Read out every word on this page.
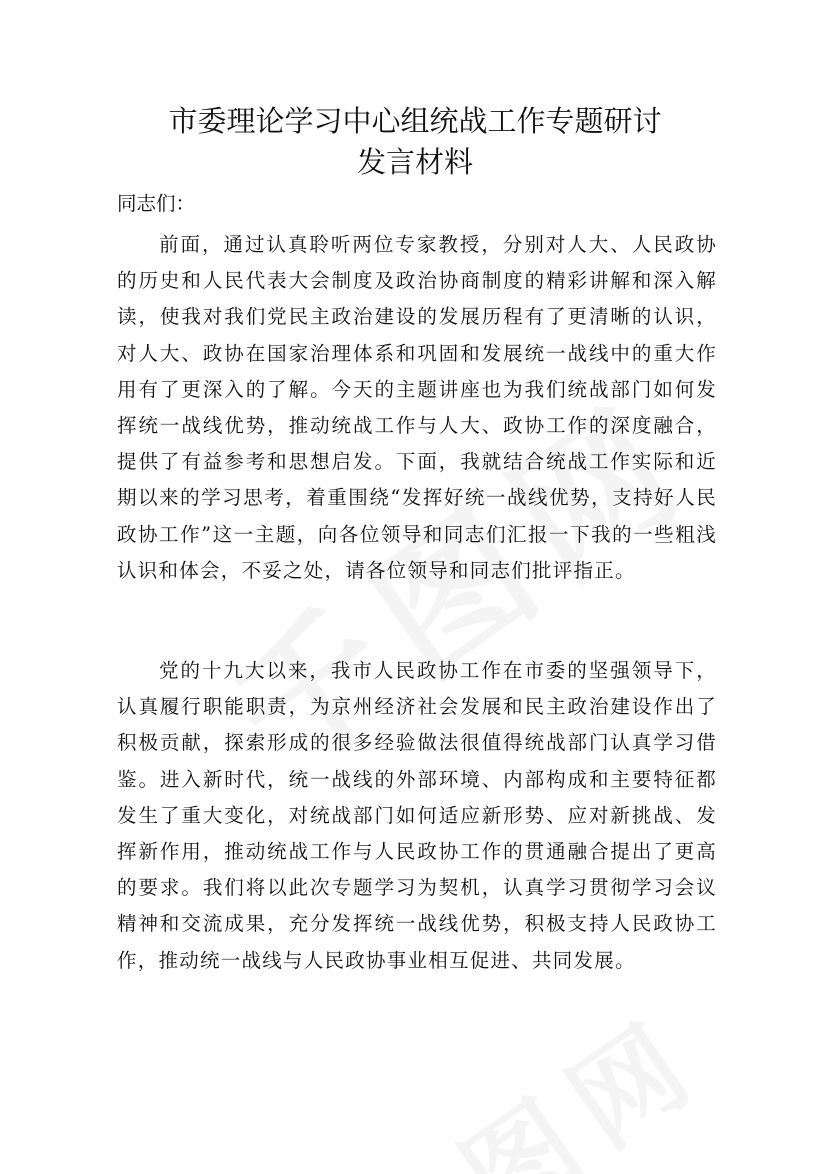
市委理论学习中心组统战工作专题研讨
发言材料

同志们：

前面，通过认真聆听两位专家教授，分别对人大、人民政协的历史和人民代表大会制度及政治协商制度的精彩讲解和深入解读，使我对我们党民主政治建设的发展历程有了更清晰的认识，对人大、政协在国家治理体系和巩固和发展统一战线中的重大作用有了更深入的了解。今天的主题讲座也为我们统战部门如何发挥统一战线优势，推动统战工作与人大、政协工作的深度融合，提供了有益参考和思想启发。下面，我就结合统战工作实际和近期以来的学习思考，着重围绕“发挥好统一战线优势，支持好人民政协工作”这一主题，向各位领导和同志们汇报一下我的一些粗浅认识和体会，不妥之处，请各位领导和同志们批评指正。

党的十九大以来，我市人民政协工作在市委的坚强领导下，认真履行职能职责，为京州经济社会发展和民主政治建设作出了积极贡献，探索形成的很多经验做法很值得统战部门认真学习借鉴。进入新时代，统一战线的外部环境、内部构成和主要特征都发生了重大变化，对统战部门如何适应新形势、应对新挑战、发挥新作用，推动统战工作与人民政协工作的贯通融合提出了更高的要求。我们将以此次专题学习为契机，认真学习贯彻学习会议精神和交流成果，充分发挥统一战线优势，积极支持人民政协工作，推动统一战线与人民政协事业相互促进、共同发展。
